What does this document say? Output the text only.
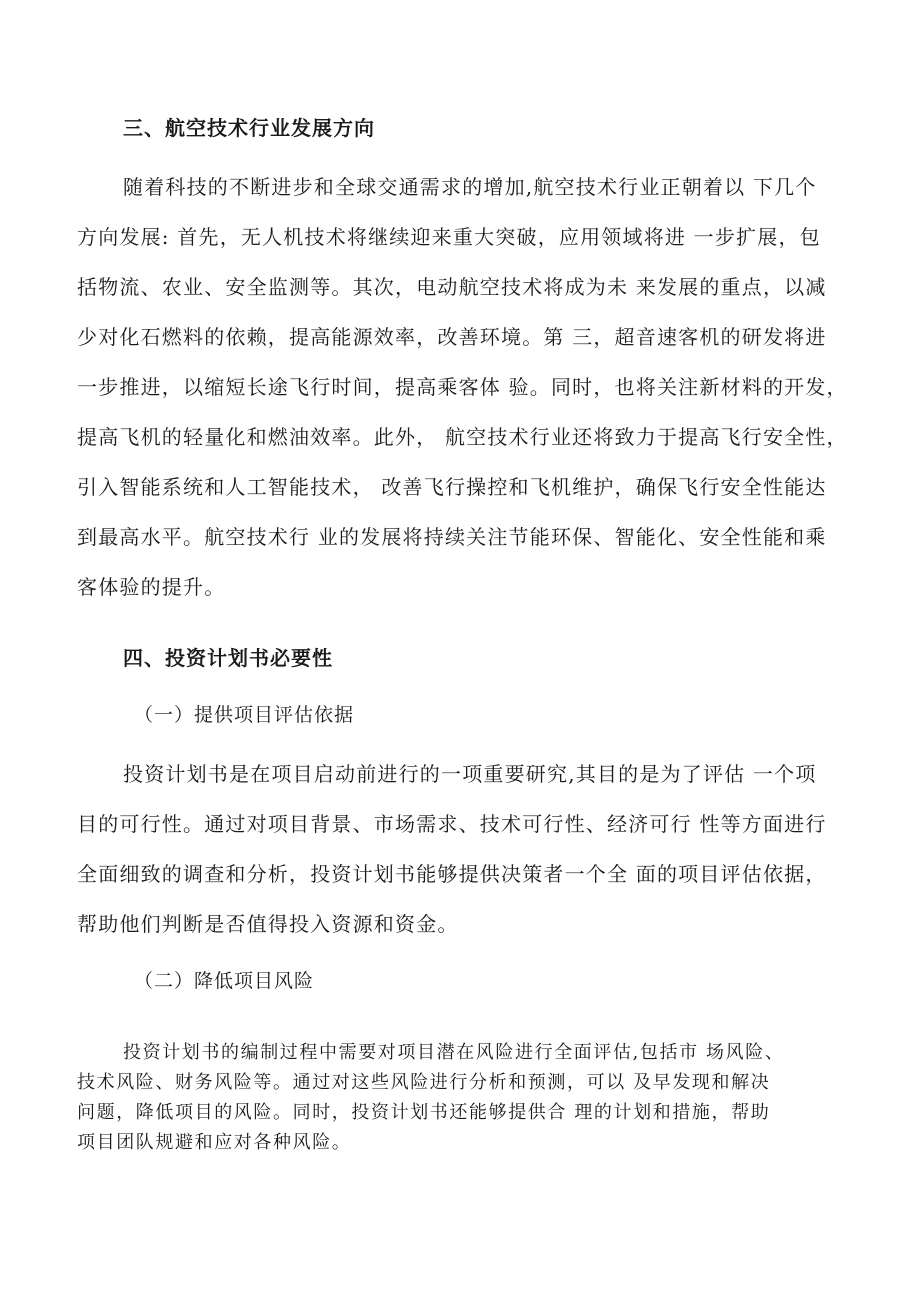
三、航空技术行业发展方向
随着科技的不断进步和全球交通需求的增加,航空技术行业正朝着以 下几个
方向发展: 首先，无人机技术将继续迎来重大突破，应用领域将进 一步扩展，包
括物流、农业、安全监测等。其次，电动航空技术将成为未 来发展的重点，以减
少对化石燃料的依赖，提高能源效率，改善环境。第 三，超音速客机的研发将进
一步推进，以缩短长途飞行时间，提高乘客体 验。同时，也将关注新材料的开发，
提高飞机的轻量化和燃油效率。此外， 航空技术行业还将致力于提高飞行安全性，
引入智能系统和人工智能技术， 改善飞行操控和飞机维护，确保飞行安全性能达
到最高水平。航空技术行 业的发展将持续关注节能环保、智能化、安全性能和乘
客体验的提升。
四、投资计划书必要性
（一）提供项目评估依据
投资计划书是在项目启动前进行的一项重要研究,其目的是为了评估 一个项
目的可行性。通过对项目背景、市场需求、技术可行性、经济可行 性等方面进行
全面细致的调查和分析，投资计划书能够提供决策者一个全 面的项目评估依据，
帮助他们判断是否值得投入资源和资金。
（二）降低项目风险
投资计划书的编制过程中需要对项目潜在风险进行全面评估,包括市 场风险、
技术风险、财务风险等。通过对这些风险进行分析和预测，可以 及早发现和解决
问题，降低项目的风险。同时，投资计划书还能够提供合 理的计划和措施，帮助
项目团队规避和应对各种风险。
